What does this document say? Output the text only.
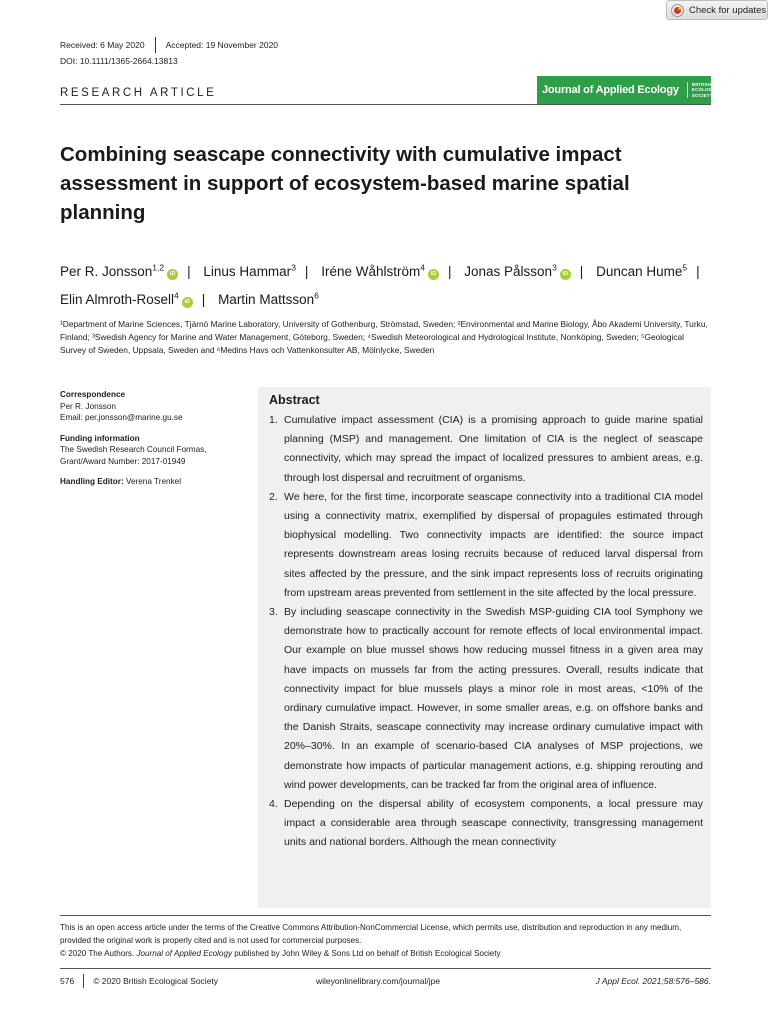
Check for updates
Received: 6 May 2020 Accepted: 19 November 2020
DOI: 10.1111/1365-2664.13813
RESEARCH ARTICLE	Journal of Applied Ecology	BRITISH
ECOLOGICAL
SOCIETY
Combining seascape connectivity with cumulative impact assessment in support of ecosystem-based marine spatial planning
Per R. Jonsson$^{1,2}$iD | Linus Hammar$^3$ | Iréne Wåhlström$^4$iD | Jonas Pålsson$^3$iD | Duncan Hume$^5$ | Elin Almroth-Rosell$^4$iD | Martin Mattsson$^6$
¹Department of Marine Sciences, Tjärnö Marine Laboratory, University of Gothenburg, Strömstad, Sweden; ²Environmental and Marine Biology, Åbo Akademi University, Turku, Finland; ³Swedish Agency for Marine and Water Management, Göteborg, Sweden; ⁴Swedish Meteorological and Hydrological Institute, Norrköping, Sweden; ⁵Geological Survey of Sweden, Uppsala, Sweden and ⁶Medins Havs och Vattenkonsulter AB, Mölnlycke, Sweden
Correspondence
Per R. Jonsson
Email: per.jonsson@marine.gu.se
Funding information
The Swedish Research Council Formas, Grant/Award Number: 2017-01949
Handling Editor: Verena Trenkel
Abstract
1. Cumulative impact assessment (CIA) is a promising approach to guide marine spatial planning (MSP) and management. One limitation of CIA is the neglect of seascape connectivity, which may spread the impact of localized pressures to ambient areas, e.g. through lost dispersal and recruitment of organisms.
2. We here, for the first time, incorporate seascape connectivity into a traditional CIA model using a connectivity matrix, exemplified by dispersal of propagules estimated through biophysical modelling. Two connectivity impacts are identified: the source impact represents downstream areas losing recruits because of reduced larval dispersal from sites affected by the pressure, and the sink impact represents loss of recruits originating from upstream areas prevented from settlement in the site affected by the local pressure.
3. By including seascape connectivity in the Swedish MSP-guiding CIA tool Symphony we demonstrate how to practically account for remote effects of local environmental impact. Our example on blue mussel shows how reducing mussel fitness in a given area may have impacts on mussels far from the acting pressures. Overall, results indicate that connectivity impact for blue mussels plays a minor role in most areas, <10% of the ordinary cumulative impact. However, in some smaller areas, e.g. on offshore banks and the Danish Straits, seascape connectivity may increase ordinary cumulative impact with 20%–30%. In an example of scenario-based CIA analyses of MSP projections, we demonstrate how impacts of particular management actions, e.g. shipping rerouting and wind power developments, can be tracked far from the original area of influence.
4. Depending on the dispersal ability of ecosystem components, a local pressure may impact a considerable area through seascape connectivity, transgressing management units and national borders. Although the mean connectivity
This is an open access article under the terms of the Creative Commons Attribution-NonCommercial License, which permits use, distribution and reproduction in any medium, provided the original work is properly cited and is not used for commercial purposes.
© 2020 The Authors. Journal of Applied Ecology published by John Wiley & Sons Ltd on behalf of British Ecological Society
576 © 2020 British Ecological Society	wileyonlinelibrary.com/journal/jpe	J Appl Ecol. 2021;58:576–586.
